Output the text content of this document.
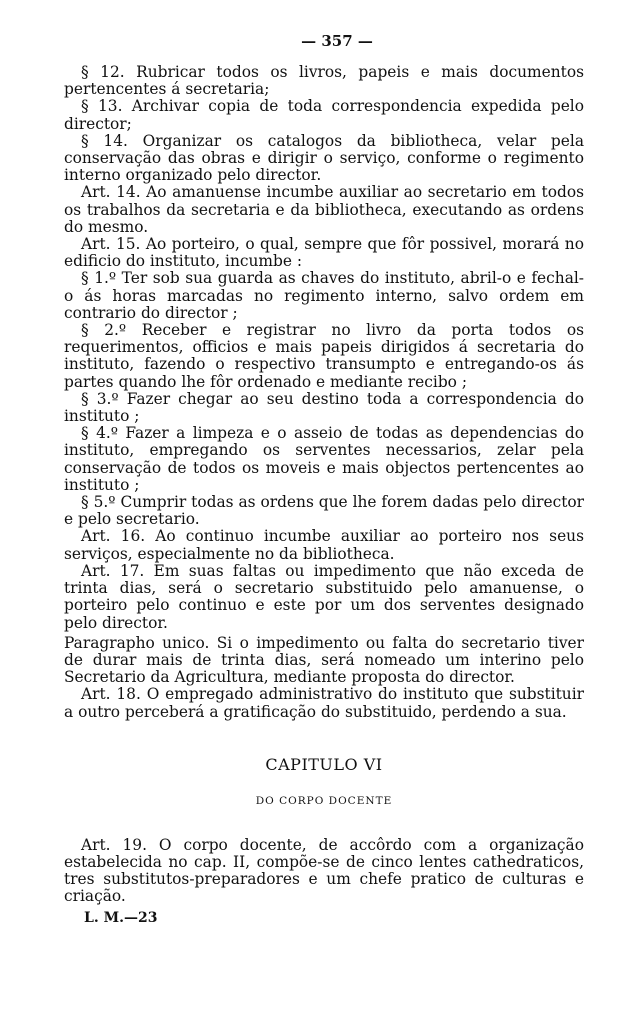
— 357 —

§ 12. Rubricar todos os livros, papeis e mais documentos pertencentes á secretaria;

§ 13. Archivar copia de toda correspondencia expedida pelo director;

§ 14. Organizar os catalogos da bibliotheca, velar pela conservação das obras e dirigir o serviço, conforme o regimento interno organizado pelo director.

Art. 14. Ao amanuense incumbe auxiliar ao secretario em todos os trabalhos da secretaria e da bibliotheca, executando as ordens do mesmo.

Art. 15. Ao porteiro, o qual, sempre que fôr possivel, morará no edificio do instituto, incumbe :

§ 1.º Ter sob sua guarda as chaves do instituto, abril-o e fechal-o ás horas marcadas no regimento interno, salvo ordem em contrario do director ;

§ 2.º Receber e registrar no livro da porta todos os requerimentos, officios e mais papeis dirigidos á secretaria do instituto, fazendo o respectivo transumpto e entregando-os ás partes quando lhe fôr ordenado e mediante recibo ;

§ 3.º Fazer chegar ao seu destino toda a correspondencia do instituto ;

§ 4.º Fazer a limpeza e o asseio de todas as dependencias do instituto, empregando os serventes necessarios, zelar pela conservação de todos os moveis e mais objectos pertencentes ao instituto ;

§ 5.º Cumprir todas as ordens que lhe forem dadas pelo director e pelo secretario.

Art. 16. Ao continuo incumbe auxiliar ao porteiro nos seus serviços, especialmente no da bibliotheca.

Art. 17. Em suas faltas ou impedimento que não exceda de trinta dias, será o secretario substituido pelo amanuense, o porteiro pelo continuo e este por um dos serventes designado pelo director.

Paragrapho unico. Si o impedimento ou falta do secretario tiver de durar mais de trinta dias, será nomeado um interino pelo Secretario da Agricultura, mediante proposta do director.

Art. 18. O empregado administrativo do instituto que substituir a outro perceberá a gratificação do substituido, perdendo a sua.

CAPITULO VI
DO CORPO DOCENTE

Art. 19. O corpo docente, de accôrdo com a organização estabelecida no cap. II, compõe-se de cinco lentes cathedraticos, tres substitutos-preparadores e um chefe pratico de culturas e criação.

L. M.—23
